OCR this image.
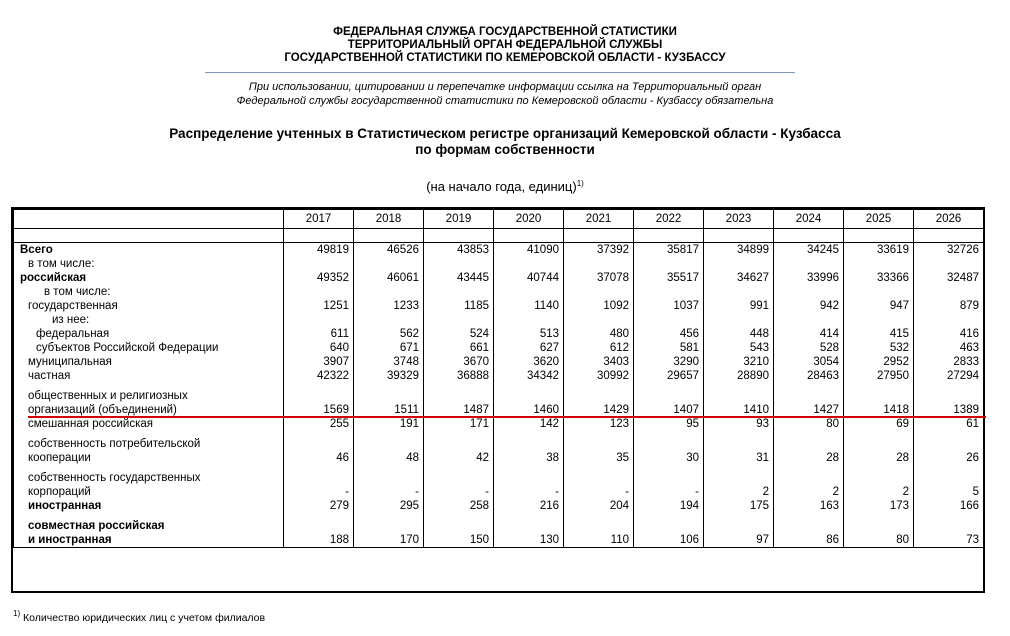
ФЕДЕРАЛЬНАЯ СЛУЖБА ГОСУДАРСТВЕННОЙ СТАТИСТИКИ
ТЕРРИТОРИАЛЬНЫЙ ОРГАН ФЕДЕРАЛЬНОЙ СЛУЖБЫ
ГОСУДАРСТВЕННОЙ СТАТИСТИКИ ПО КЕМЕРОВСКОЙ ОБЛАСТИ - КУЗБАССУ
При использовании, цитировании и перепечатке информации ссылка на Территориальный орган
Федеральной службы государственной статистики по Кемеровской области - Кузбассу обязательна
Распределение учтенных в Статистическом регистре организаций Кемеровской области - Кузбасса
по формам собственности
(на начало года, единиц)$^{1)}$
	2017	2018	2019	2020	2021	2022	2023	2024	2025	2026

Всего	49819	46526	43853	41090	37392	35817	34899	34245	33619	32726

в том числе:										

российская	49352	46061	43445	40744	37078	35517	34627	33996	33366	32487

в том числе:										

государственная	1251	1233	1185	1140	1092	1037	991	942	947	879

из нее:										

федеральная	611	562	524	513	480	456	448	414	415	416

субъектов Российской Федерации	640	671	661	627	612	581	543	528	532	463

муниципальная	3907	3748	3670	3620	3403	3290	3210	3054	2952	2833

частная	42322	39329	36888	34342	30992	29657	28890	28463	27950	27294

общественных и религиозных
организаций (объединений)	1569	1511	1487	1460	1429	1407	1410	1427	1418	1389

смешанная российская	255	191	171	142	123	95	93	80	69	61

собственность потребительской
кооперации	46	48	42	38	35	30	31	28	28	26

собственность государственных
корпораций	-	-	-	-	-	-	2	2	2	5

иностранная	279	295	258	216	204	194	175	163	173	166

совместная российская
и иностранная	188	170	150	130	110	106	97	86	80	73
$^{1)}$ Количество юридических лиц с учетом филиалов
